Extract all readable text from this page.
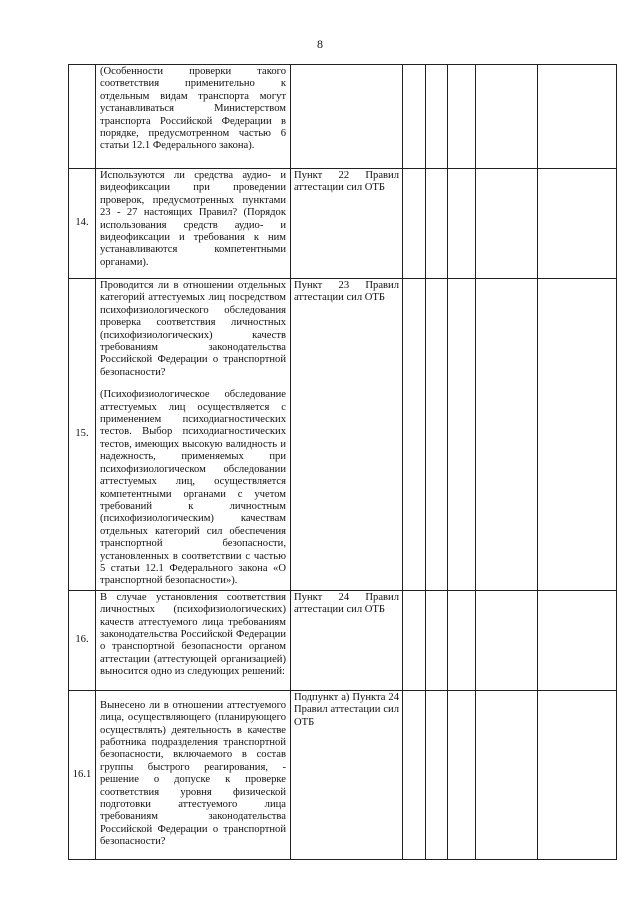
8

	(Особенности проверки такого соответствия применительно к отдельным видам транспорта могут устанавливаться Министерством транспорта Российской Федерации в порядке, предусмотренном частью 6 статьи 12.1 Федерального закона).						

14.	Используются ли средства аудио- и видеофиксации при проведении проверок, предусмотренных пунктами 23 - 27 настоящих Правил? (Порядок использования средств аудио- и видеофиксации и требования к ним устанавливаются компетентными органами).	Пункт 22 Правил аттестации сил ОТБ					
15.	Проводится ли в отношении отдельных категорий аттестуемых лиц посредством психофизиологического обследования проверка соответствия личностных (психофизиологических) качеств требованиям законодательства Российской Федерации о транспортной безопасности?

(Психофизиологическое обследование аттестуемых лиц осуществляется с применением психодиагностических тестов. Выбор психодиагностических тестов, имеющих высокую валидность и надежность, применяемых при психофизиологическом обследовании аттестуемых лиц, осуществляется компетентными органами с учетом требований к личностным (психофизиологическим) качествам отдельных категорий сил обеспечения транспортной безопасности, установленных в соответствии с частью 5 статьи 12.1 Федерального закона «О транспортной безопасности»).	Пункт 23 Правил аттестации сил ОТБ					
16.	В случае установления соответствия личностных (психофизиологических) качеств аттестуемого лица требованиям законодательства Российской Федерации о транспортной безопасности органом аттестации (аттестующей организацией) выносится одно из следующих решений:	Пункт 24 Правил аттестации сил ОТБ					
16.1	Вынесено ли в отношении аттестуемого лица, осуществляющего (планирующего осуществлять) деятельность в качестве работника подразделения транспортной безопасности, включаемого в состав группы быстрого реагирования, - решение о допуске к проверке соответствия уровня физической подготовки аттестуемого лица требованиям законодательства Российской Федерации о транспортной безопасности?	Подпункт а) Пункта 24 Правил аттестации сил ОТБ					
